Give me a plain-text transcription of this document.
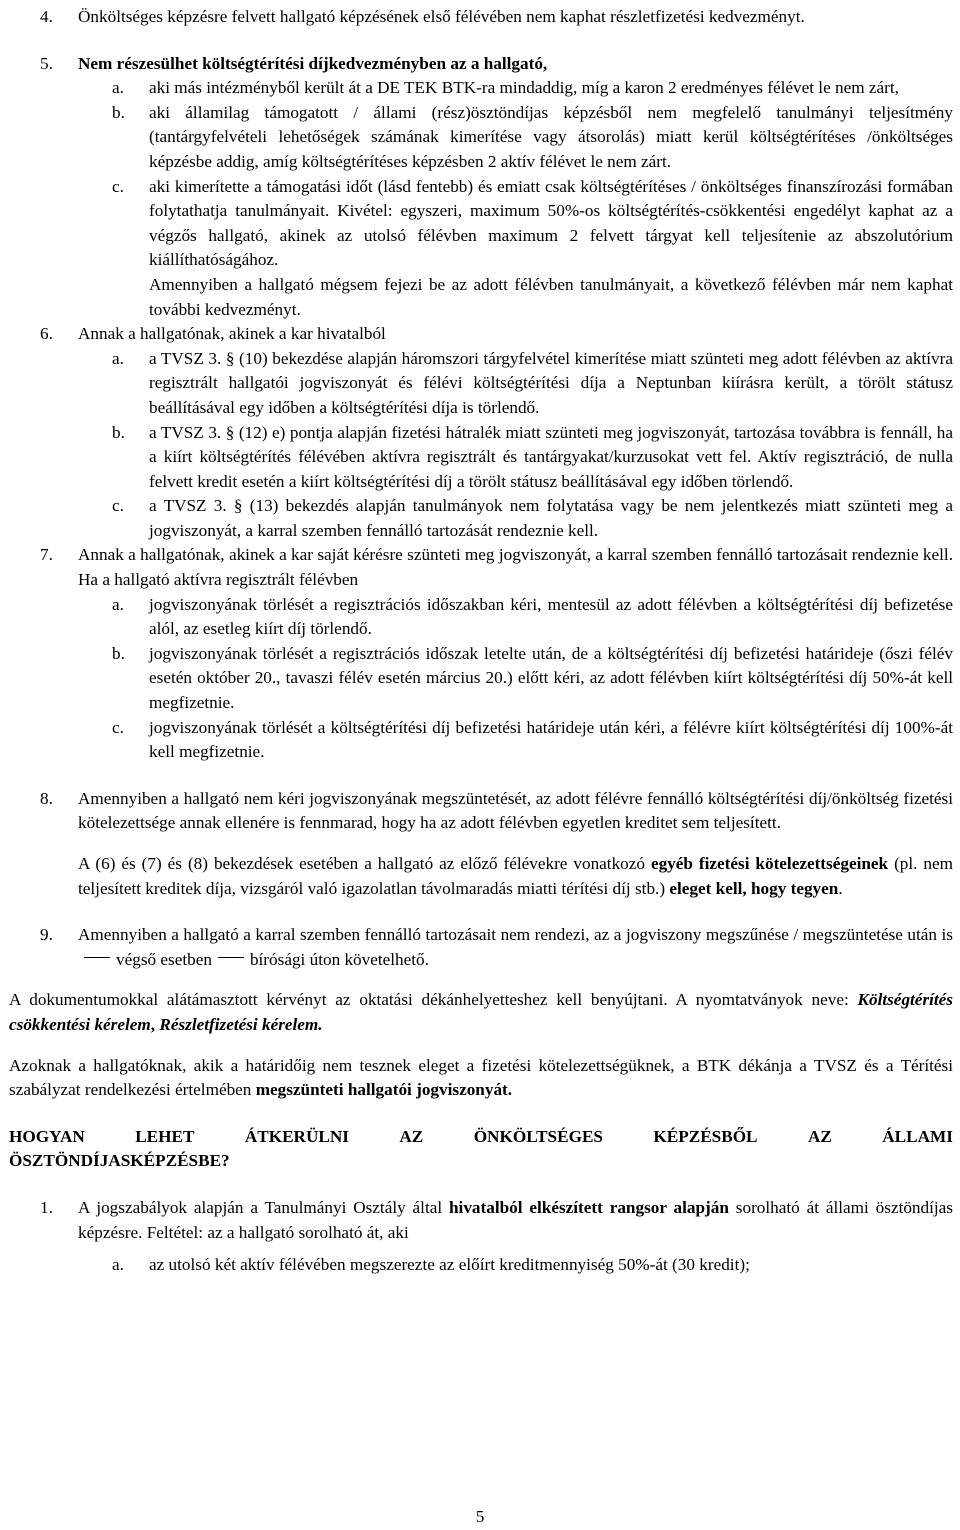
4. Önköltséges képzésre felvett hallgató képzésének első félévében nem kaphat részletfizetési kedvezményt.

5. Nem részesülhet költségtérítési díjkedvezményben az a hallgató,

a. aki más intézményből került át a DE TEK BTK-ra mindaddig, míg a karon 2 eredményes félévet le nem zárt,

b. aki államilag támogatott / állami (rész)ösztöndíjas képzésből nem megfelelő tanulmányi teljesítmény (tantárgyfelvételi lehetőségek számának kimerítése vagy átsorolás) miatt kerül költségtérítéses /önköltséges képzésbe addig, amíg költségtérítéses képzésben 2 aktív félévet le nem zárt.

c. aki kimerítette a támogatási időt (lásd fentebb) és emiatt csak költségtérítéses / önköltséges finanszírozási formában folytathatja tanulmányait. Kivétel: egyszeri, maximum 50%-os költségtérítés-csökkentési engedélyt kaphat az a végzős hallgató, akinek az utolsó félévben maximum 2 felvett tárgyat kell teljesítenie az abszolutórium kiállíthatóságához.

Amennyiben a hallgató mégsem fejezi be az adott félévben tanulmányait, a következő félévben már nem kaphat további kedvezményt.

6. Annak a hallgatónak, akinek a kar hivatalból

a. a TVSZ 3. § (10) bekezdése alapján háromszori tárgyfelvétel kimerítése miatt szünteti meg adott félévben az aktívra regisztrált hallgatói jogviszonyát és félévi költségtérítési díja a Neptunban kiírásra került, a törölt státusz beállításával egy időben a költségtérítési díja is törlendő.

b. a TVSZ 3. § (12) e) pontja alapján fizetési hátralék miatt szünteti meg jogviszonyát, tartozása továbbra is fennáll, ha a kiírt költségtérítés félévében aktívra regisztrált és tantárgyakat/kurzusokat vett fel. Aktív regisztráció, de nulla felvett kredit esetén a kiírt költségtérítési díj a törölt státusz beállításával egy időben törlendő.

c. a TVSZ 3. § (13) bekezdés alapján tanulmányok nem folytatása vagy be nem jelentkezés miatt szünteti meg a jogviszonyát, a karral szemben fennálló tartozását rendeznie kell.

7. Annak a hallgatónak, akinek a kar saját kérésre szünteti meg jogviszonyát, a karral szemben fennálló tartozásait rendeznie kell. Ha a hallgató aktívra regisztrált félévben

a. jogviszonyának törlését a regisztrációs időszakban kéri, mentesül az adott félévben a költségtérítési díj befizetése alól, az esetleg kiírt díj törlendő.

b. jogviszonyának törlését a regisztrációs időszak letelte után, de a költségtérítési díj befizetési határideje (őszi félév esetén október 20., tavaszi félév esetén március 20.) előtt kéri, az adott félévben kiírt költségtérítési díj 50%-át kell megfizetnie.

c. jogviszonyának törlését a költségtérítési díj befizetési határideje után kéri, a félévre kiírt költségtérítési díj 100%-át kell megfizetnie.

8. Amennyiben a hallgató nem kéri jogviszonyának megszüntetését, az adott félévre fennálló költségtérítési díj/önköltség fizetési kötelezettsége annak ellenére is fennmarad, hogy ha az adott félévben egyetlen kreditet sem teljesített.

A (6) és (7) és (8) bekezdések esetében a hallgató az előző félévekre vonatkozó egyéb fizetési kötelezettségeinek (pl. nem teljesített kreditek díja, vizsgáról való igazolatlan távolmaradás miatti térítési díj stb.) eleget kell, hogy tegyen.

9. Amennyiben a hallgató a karral szemben fennálló tartozásait nem rendezi, az a jogviszony megszűnése / megszüntetése után isvégső esetben bírósági úton követelhető.

A dokumentumokkal alátámasztott kérvényt az oktatási dékánhelyetteshez kell benyújtani. A nyomtatványok neve: Költségtérítés csökkentési kérelem, Részletfizetési kérelem.

Azoknak a hallgatóknak, akik a határidőig nem tesznek eleget a fizetési kötelezettségüknek, a BTK dékánja a TVSZ és a Térítési szabályzat rendelkezési értelmében megszünteti hallgatói jogviszonyát.

HOGYAN	LEHET	ÁTKERÜLNI	AZ	ÖNKÖLTSÉGES	KÉPZÉSBŐL	AZ	ÁLLAMI
ÖSZTÖNDÍJASKÉPZÉSBE?
1. A jogszabályok alapján a Tanulmányi Osztály által hivatalból elkészített rangsor alapján sorolható át állami ösztöndíjas képzésre. Feltétel: az a hallgató sorolható át, aki

a. az utolsó két aktív félévében megszerezte az előírt kreditmennyiség 50%-át (30 kredit);

5
